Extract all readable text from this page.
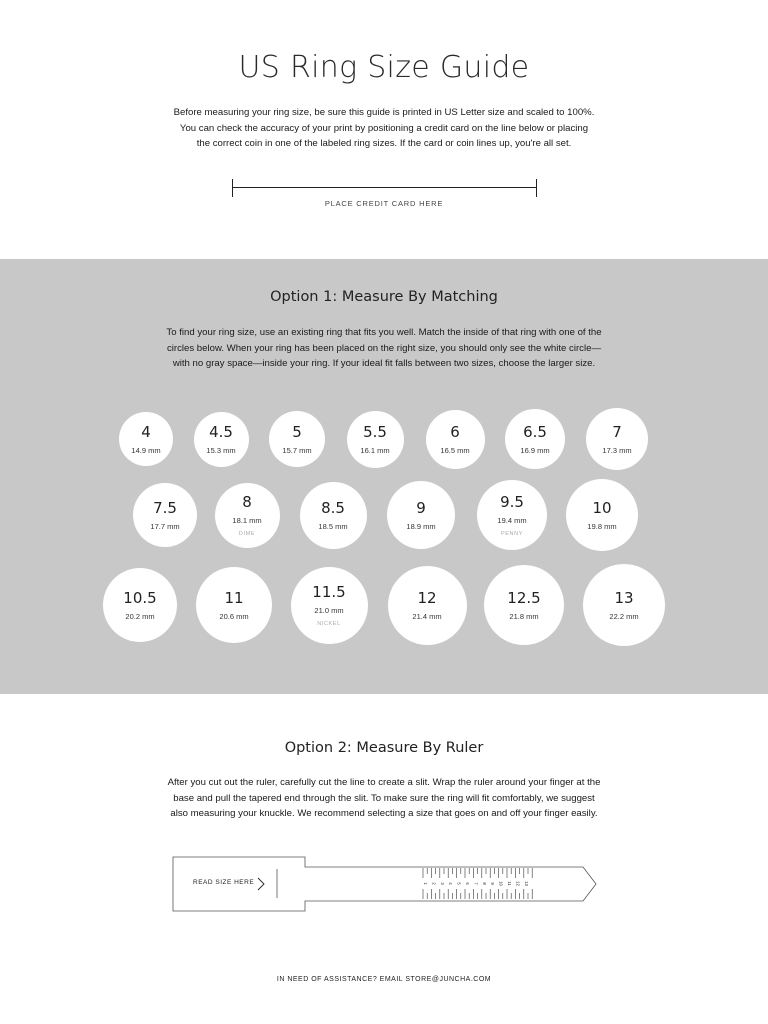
US Ring Size Guide
Before measuring your ring size, be sure this guide is printed in US Letter size and scaled to 100%.
You can check the accuracy of your print by positioning a credit card on the line below or placing
the correct coin in one of the labeled ring sizes. If the card or coin lines up, you're all set.
PLACE CREDIT CARD HERE
Option 1: Measure By Matching
To find your ring size, use an existing ring that fits you well. Match the inside of that ring with one of the
circles below. When your ring has been placed on the right size, you should only see the white circle—
with no gray space—inside your ring. If your ideal fit falls between two sizes, choose the larger size.
4
14.9 mm
4.5
15.3 mm
5
15.7 mm
5.5
16.1 mm
6
16.5 mm
6.5
16.9 mm
7
17.3 mm
7.5
17.7 mm
8
18.1 mm
DIME
8.5
18.5 mm
9
18.9 mm
9.5
19.4 mm
PENNY
10
19.8 mm
10.5
20.2 mm
11
20.6 mm
11.5
21.0 mm
NICKEL
12
21.4 mm
12.5
21.8 mm
13
22.2 mm
Option 2: Measure By Ruler
After you cut out the ruler, carefully cut the line to create a slit. Wrap the ruler around your finger at the
base and pull the tapered end through the slit. To make sure the ring will fit comfortably, we suggest
also measuring your knuckle. We recommend selecting a size that goes on and off your finger easily.
1 2 3 4 5 6 7 8 9 10 11 12 13
READ SIZE HERE
IN NEED OF ASSISTANCE? EMAIL STORE@JUNCHA.COM
